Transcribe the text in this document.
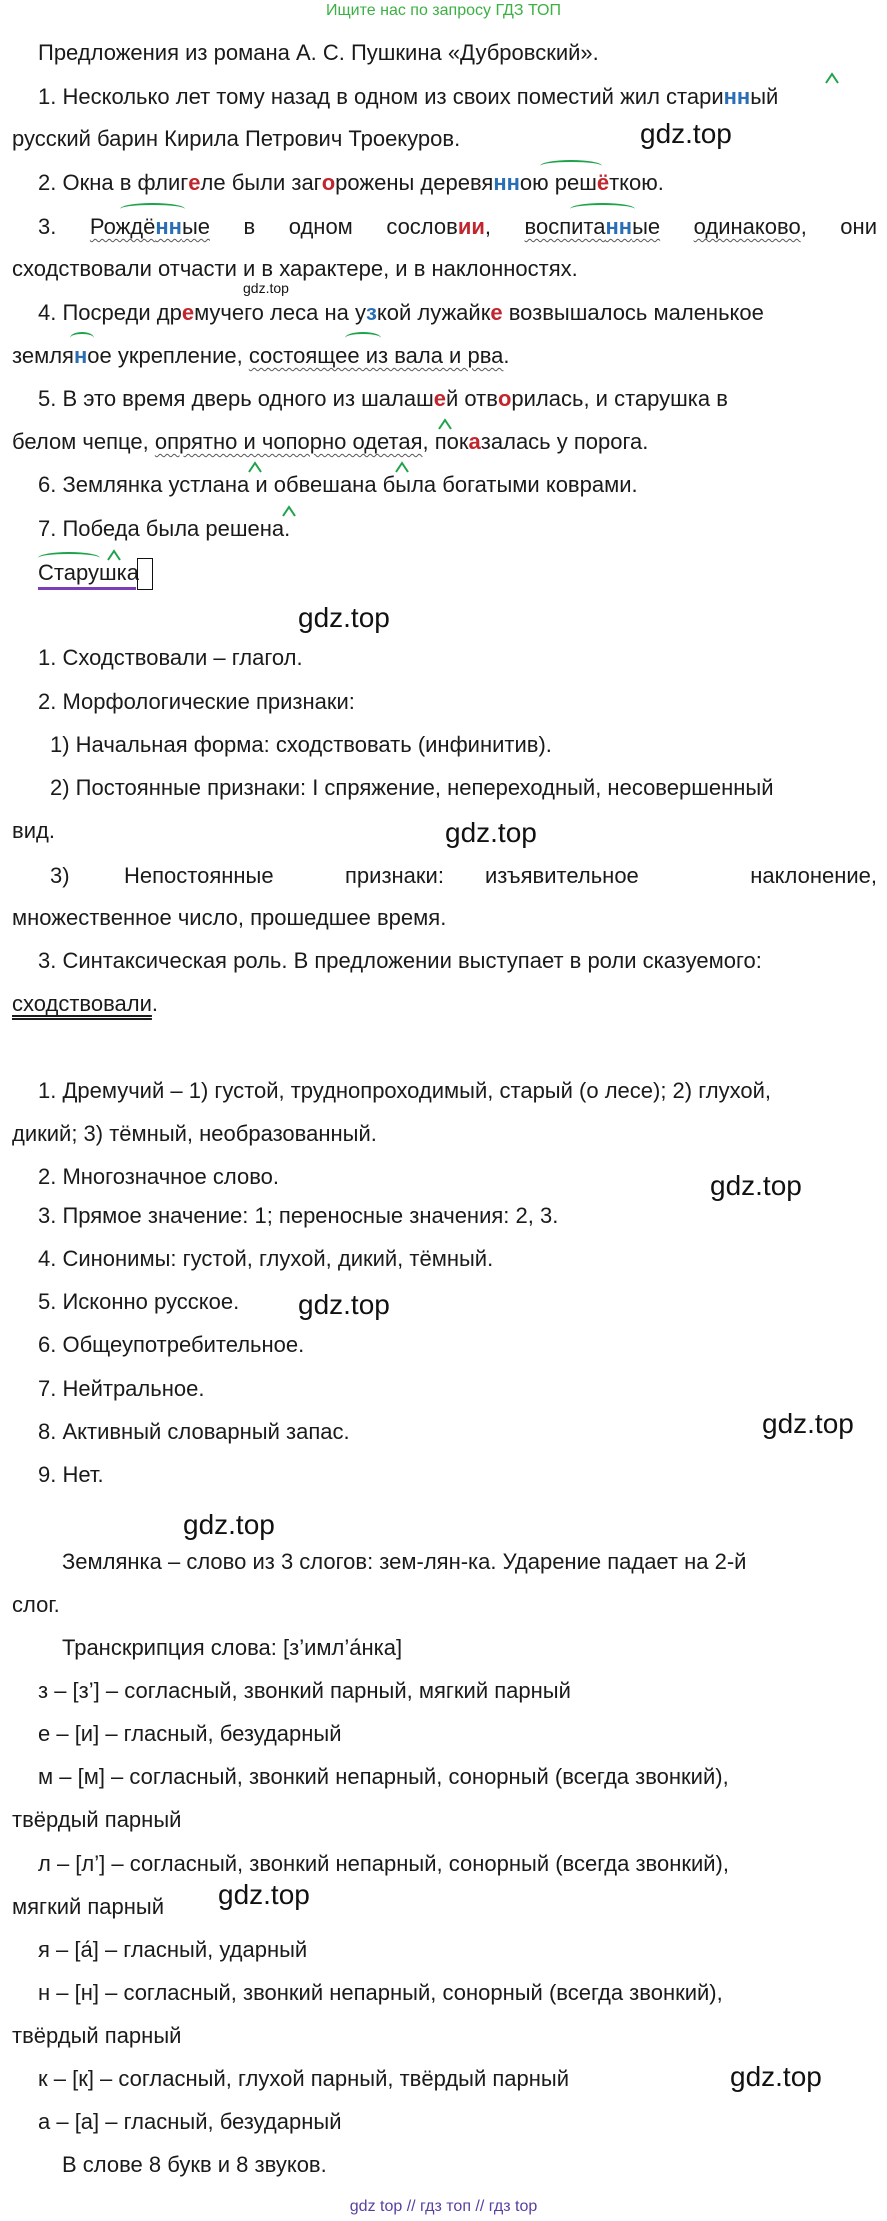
Ищите нас по запросу ГДЗ ТОП
Предложения из романа А. С. Пушкина «Дубровский».
1. Несколько лет тому назад в одном из своих поместий жил старинный
русский барин Кирила Петрович Троекуров.
2. Окна в флигеле были загорожены деревянною решёткою.
3. Рождённые в одном сословии, воспитанные одинаково, они
сходствовали отчасти и в характере, и в наклонностях.
4. Посреди дремучего леса на узкой лужайке возвышалось маленькое
земляное укрепление, состоящее из вала и рва.
5. В это время дверь одного из шалашей отворилась, и старушка в
белом чепце, опрятно и чопорно одетая, показалась у порога.
6. Землянка устлана и обвешана была богатыми коврами.
7. Победа была решена.
Старушка
1. Сходствовали – глагол.
2. Морфологические признаки:
1) Начальная форма: сходствовать (инфинитив).
2) Постоянные признаки: I спряжение, непереходный, несовершенный
вид.
3) Непостоянные	признаки: изъявительное	наклонение,
множественное число, прошедшее время.
3. Синтаксическая роль. В предложении выступает в роли сказуемого:
сходствовали.
1. Дремучий – 1) густой, труднопроходимый, старый (о лесе); 2) глухой,
дикий; 3) тёмный, необразованный.
2. Многозначное слово.
3. Прямое значение: 1; переносные значения: 2, 3.
4. Синонимы: густой, глухой, дикий, тёмный.
5. Исконно русское.
6. Общеупотребительное.
7. Нейтральное.
8. Активный словарный запас.
9. Нет.
Землянка – слово из 3 слогов: зем-лян-ка. Ударение падает на 2-й
слог.
Транскрипция слова: [з’имл’а́нка]
з – [з’] – согласный, звонкий парный, мягкий парный
е – [и] – гласный, безударный
м – [м] – согласный, звонкий непарный, сонорный (всегда звонкий),
твёрдый парный
л – [л’] – согласный, звонкий непарный, сонорный (всегда звонкий),
мягкий парный
я – [а́] – гласный, ударный
н – [н] – согласный, звонкий непарный, сонорный (всегда звонкий),
твёрдый парный
к – [к] – согласный, глухой парный, твёрдый парный
а – [а] – гласный, безударный
В слове 8 букв и 8 звуков.
gdz.top
gdz.top
gdz.top
gdz.top
gdz.top
gdz.top
gdz.top
gdz.top
gdz.top
gdz.top
gdz top // гдз топ // гдз top
